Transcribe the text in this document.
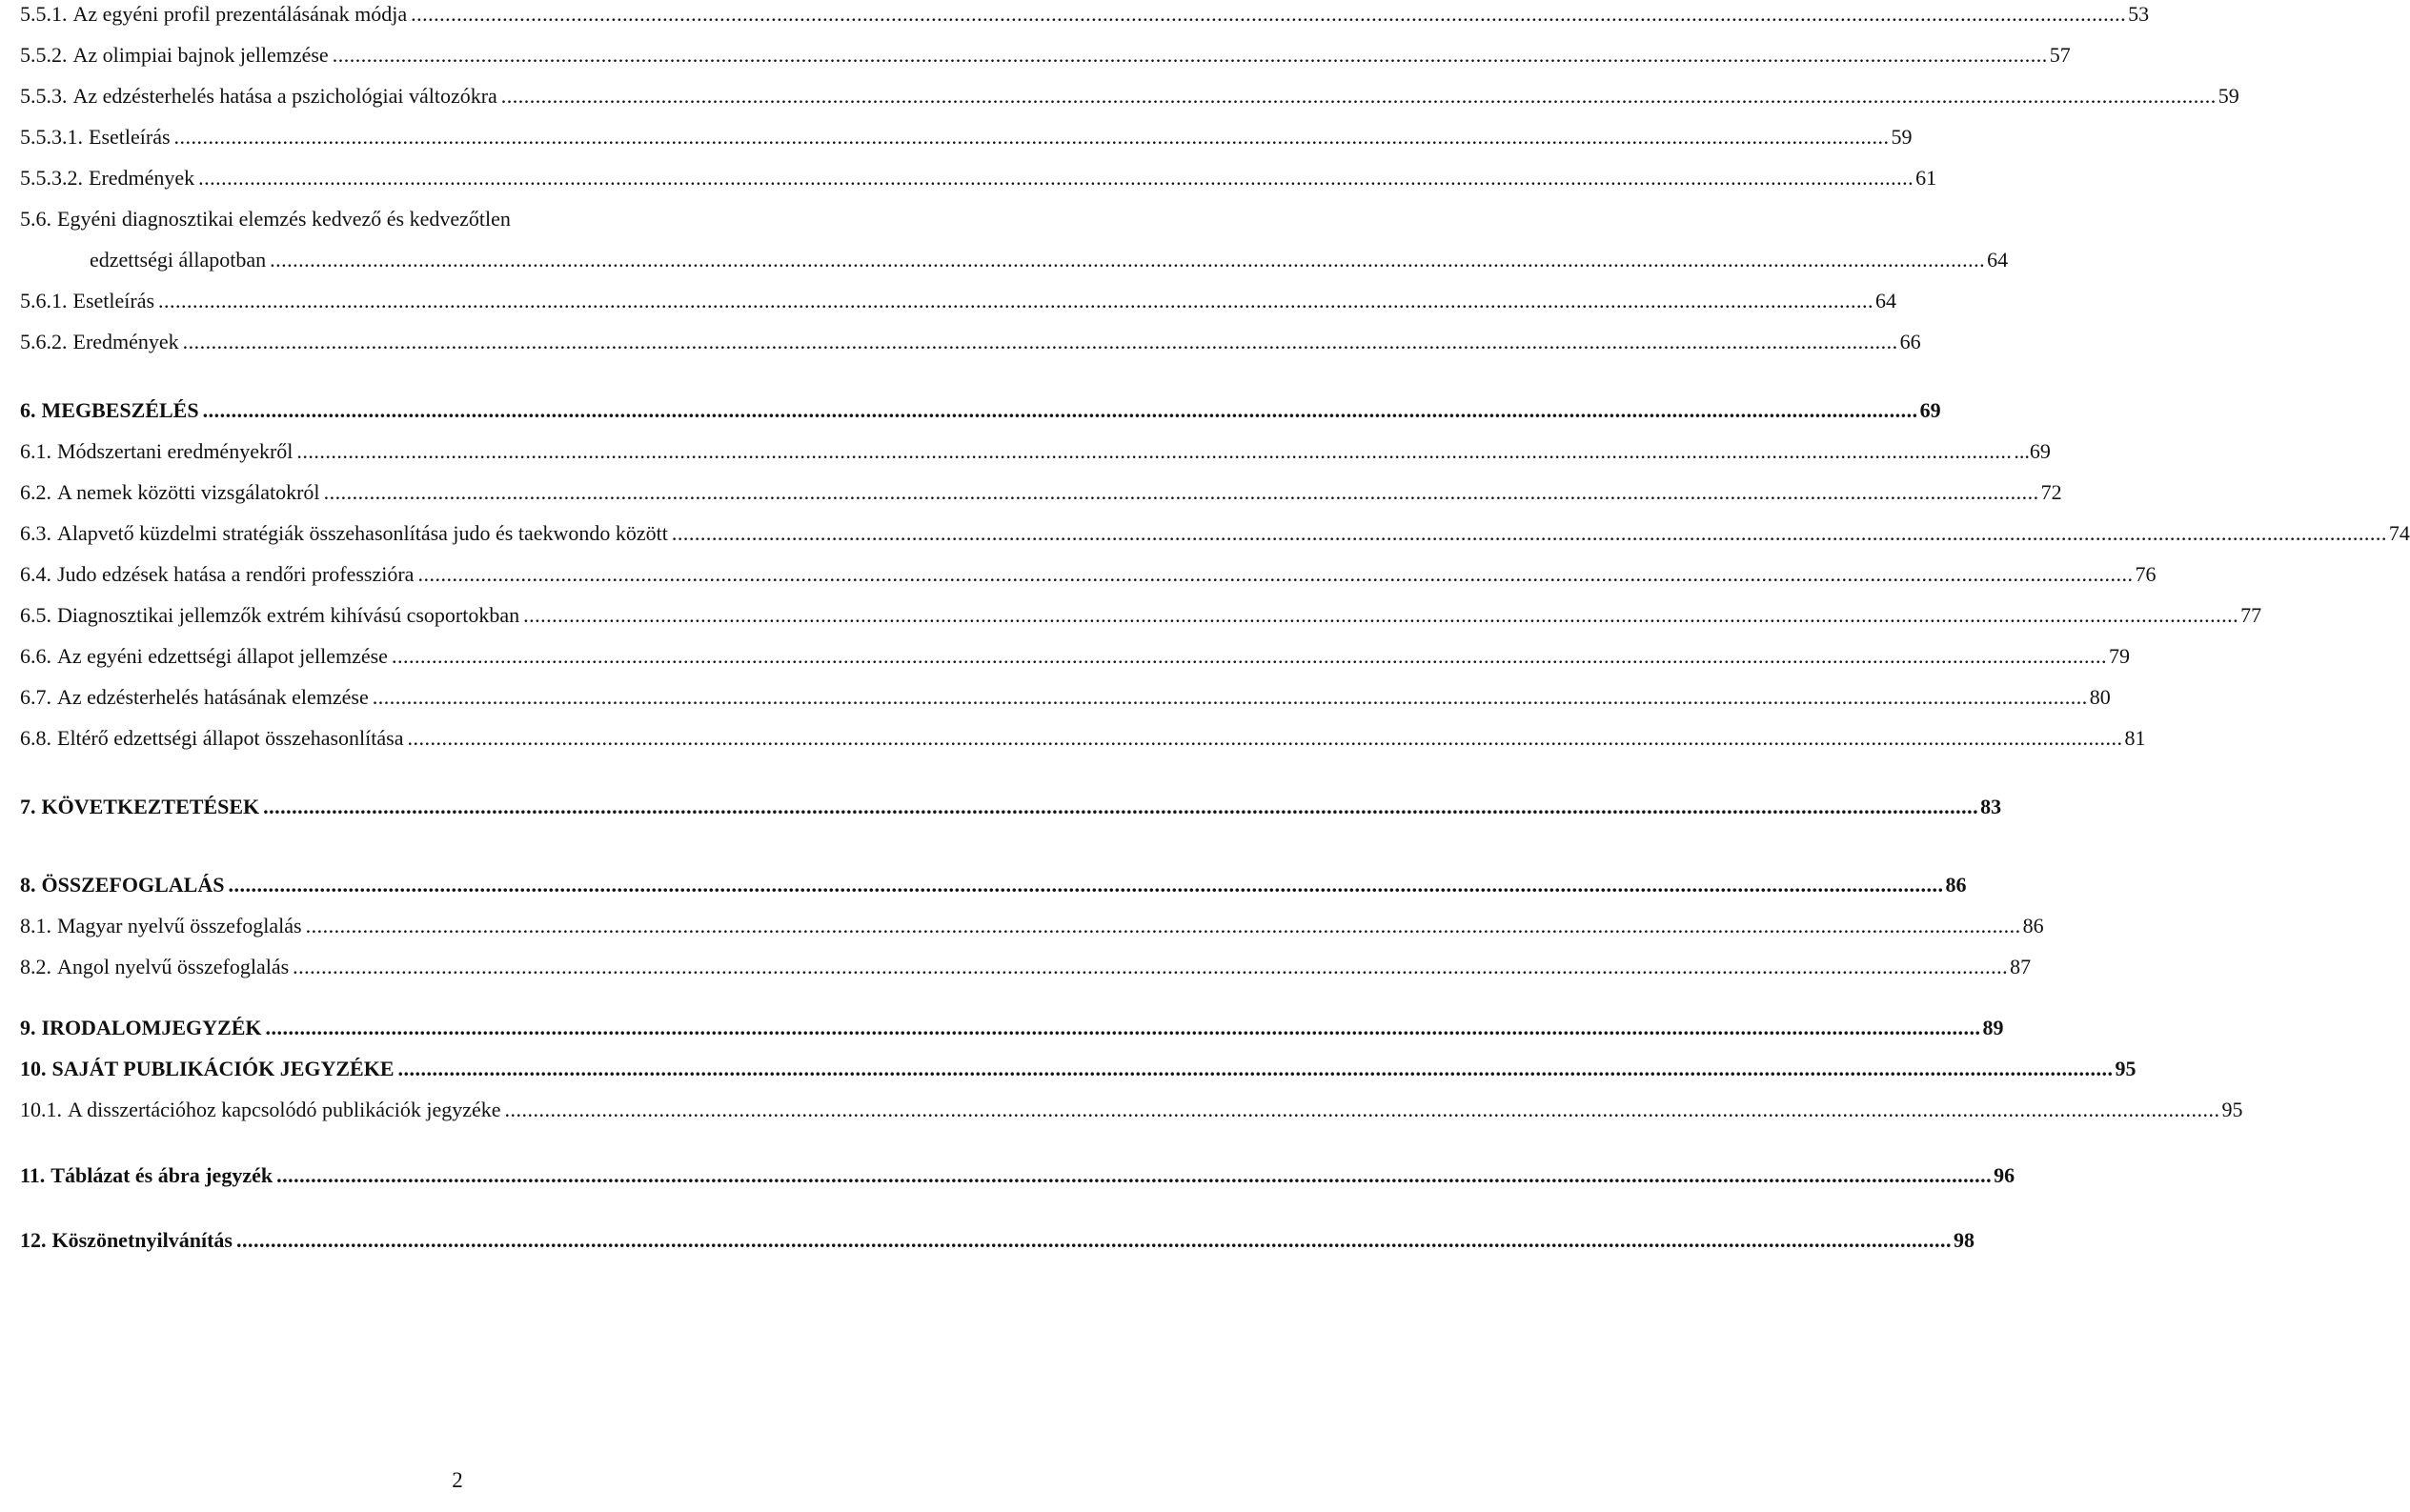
5.5.1. Az egyéni profil prezentálásának módja ............................................................................................................................................................................................................................................................................................................ 53
5.5.2. Az olimpiai bajnok jellemzése ............................................................................................................................................................................................................................................................................................................ 57
5.5.3. Az edzésterhelés hatása a pszichológiai változókra ............................................................................................................................................................................................................................................................................................................ 59
5.5.3.1. Esetleírás ............................................................................................................................................................................................................................................................................................................ 59
5.5.3.2. Eredmények ............................................................................................................................................................................................................................................................................................................ 61
5.6. Egyéni diagnosztikai elemzés kedvező és kedvezőtlen
edzettségi állapotban ............................................................................................................................................................................................................................................................................................................ 64
5.6.1. Esetleírás ............................................................................................................................................................................................................................................................................................................ 64
5.6.2. Eredmények ............................................................................................................................................................................................................................................................................................................ 66
6. MEGBESZÉLÉS ............................................................................................................................................................................................................................................................................................................ 69
6.1. Módszertani eredményekről ............................................................................................................................................................................................................................................................................................................ ...69
6.2. A nemek közötti vizsgálatokról ............................................................................................................................................................................................................................................................................................................ 72
6.3. Alapvető küzdelmi stratégiák összehasonlítása judo és taekwondo között ............................................................................................................................................................................................................................................................................................................ 74
6.4. Judo edzések hatása a rendőri professzióra ............................................................................................................................................................................................................................................................................................................ 76
6.5. Diagnosztikai jellemzők extrém kihívású csoportokban ............................................................................................................................................................................................................................................................................................................ 77
6.6. Az egyéni edzettségi állapot jellemzése ............................................................................................................................................................................................................................................................................................................ 79
6.7. Az edzésterhelés hatásának elemzése ............................................................................................................................................................................................................................................................................................................ 80
6.8. Eltérő edzettségi állapot összehasonlítása ............................................................................................................................................................................................................................................................................................................ 81
7. KÖVETKEZTETÉSEK ............................................................................................................................................................................................................................................................................................................ 83
8. ÖSSZEFOGLALÁS ............................................................................................................................................................................................................................................................................................................ 86
8.1. Magyar nyelvű összefoglalás ............................................................................................................................................................................................................................................................................................................ 86
8.2. Angol nyelvű összefoglalás ............................................................................................................................................................................................................................................................................................................ 87
9. IRODALOMJEGYZÉK ............................................................................................................................................................................................................................................................................................................ 89
10. SAJÁT PUBLIKÁCIÓK JEGYZÉKE ............................................................................................................................................................................................................................................................................................................ 95
10.1. A disszertációhoz kapcsolódó publikációk jegyzéke ............................................................................................................................................................................................................................................................................................................ 95
11. Táblázat és ábra jegyzék ............................................................................................................................................................................................................................................................................................................ 96
12. Köszönetnyilvánítás ............................................................................................................................................................................................................................................................................................................ 98
2
